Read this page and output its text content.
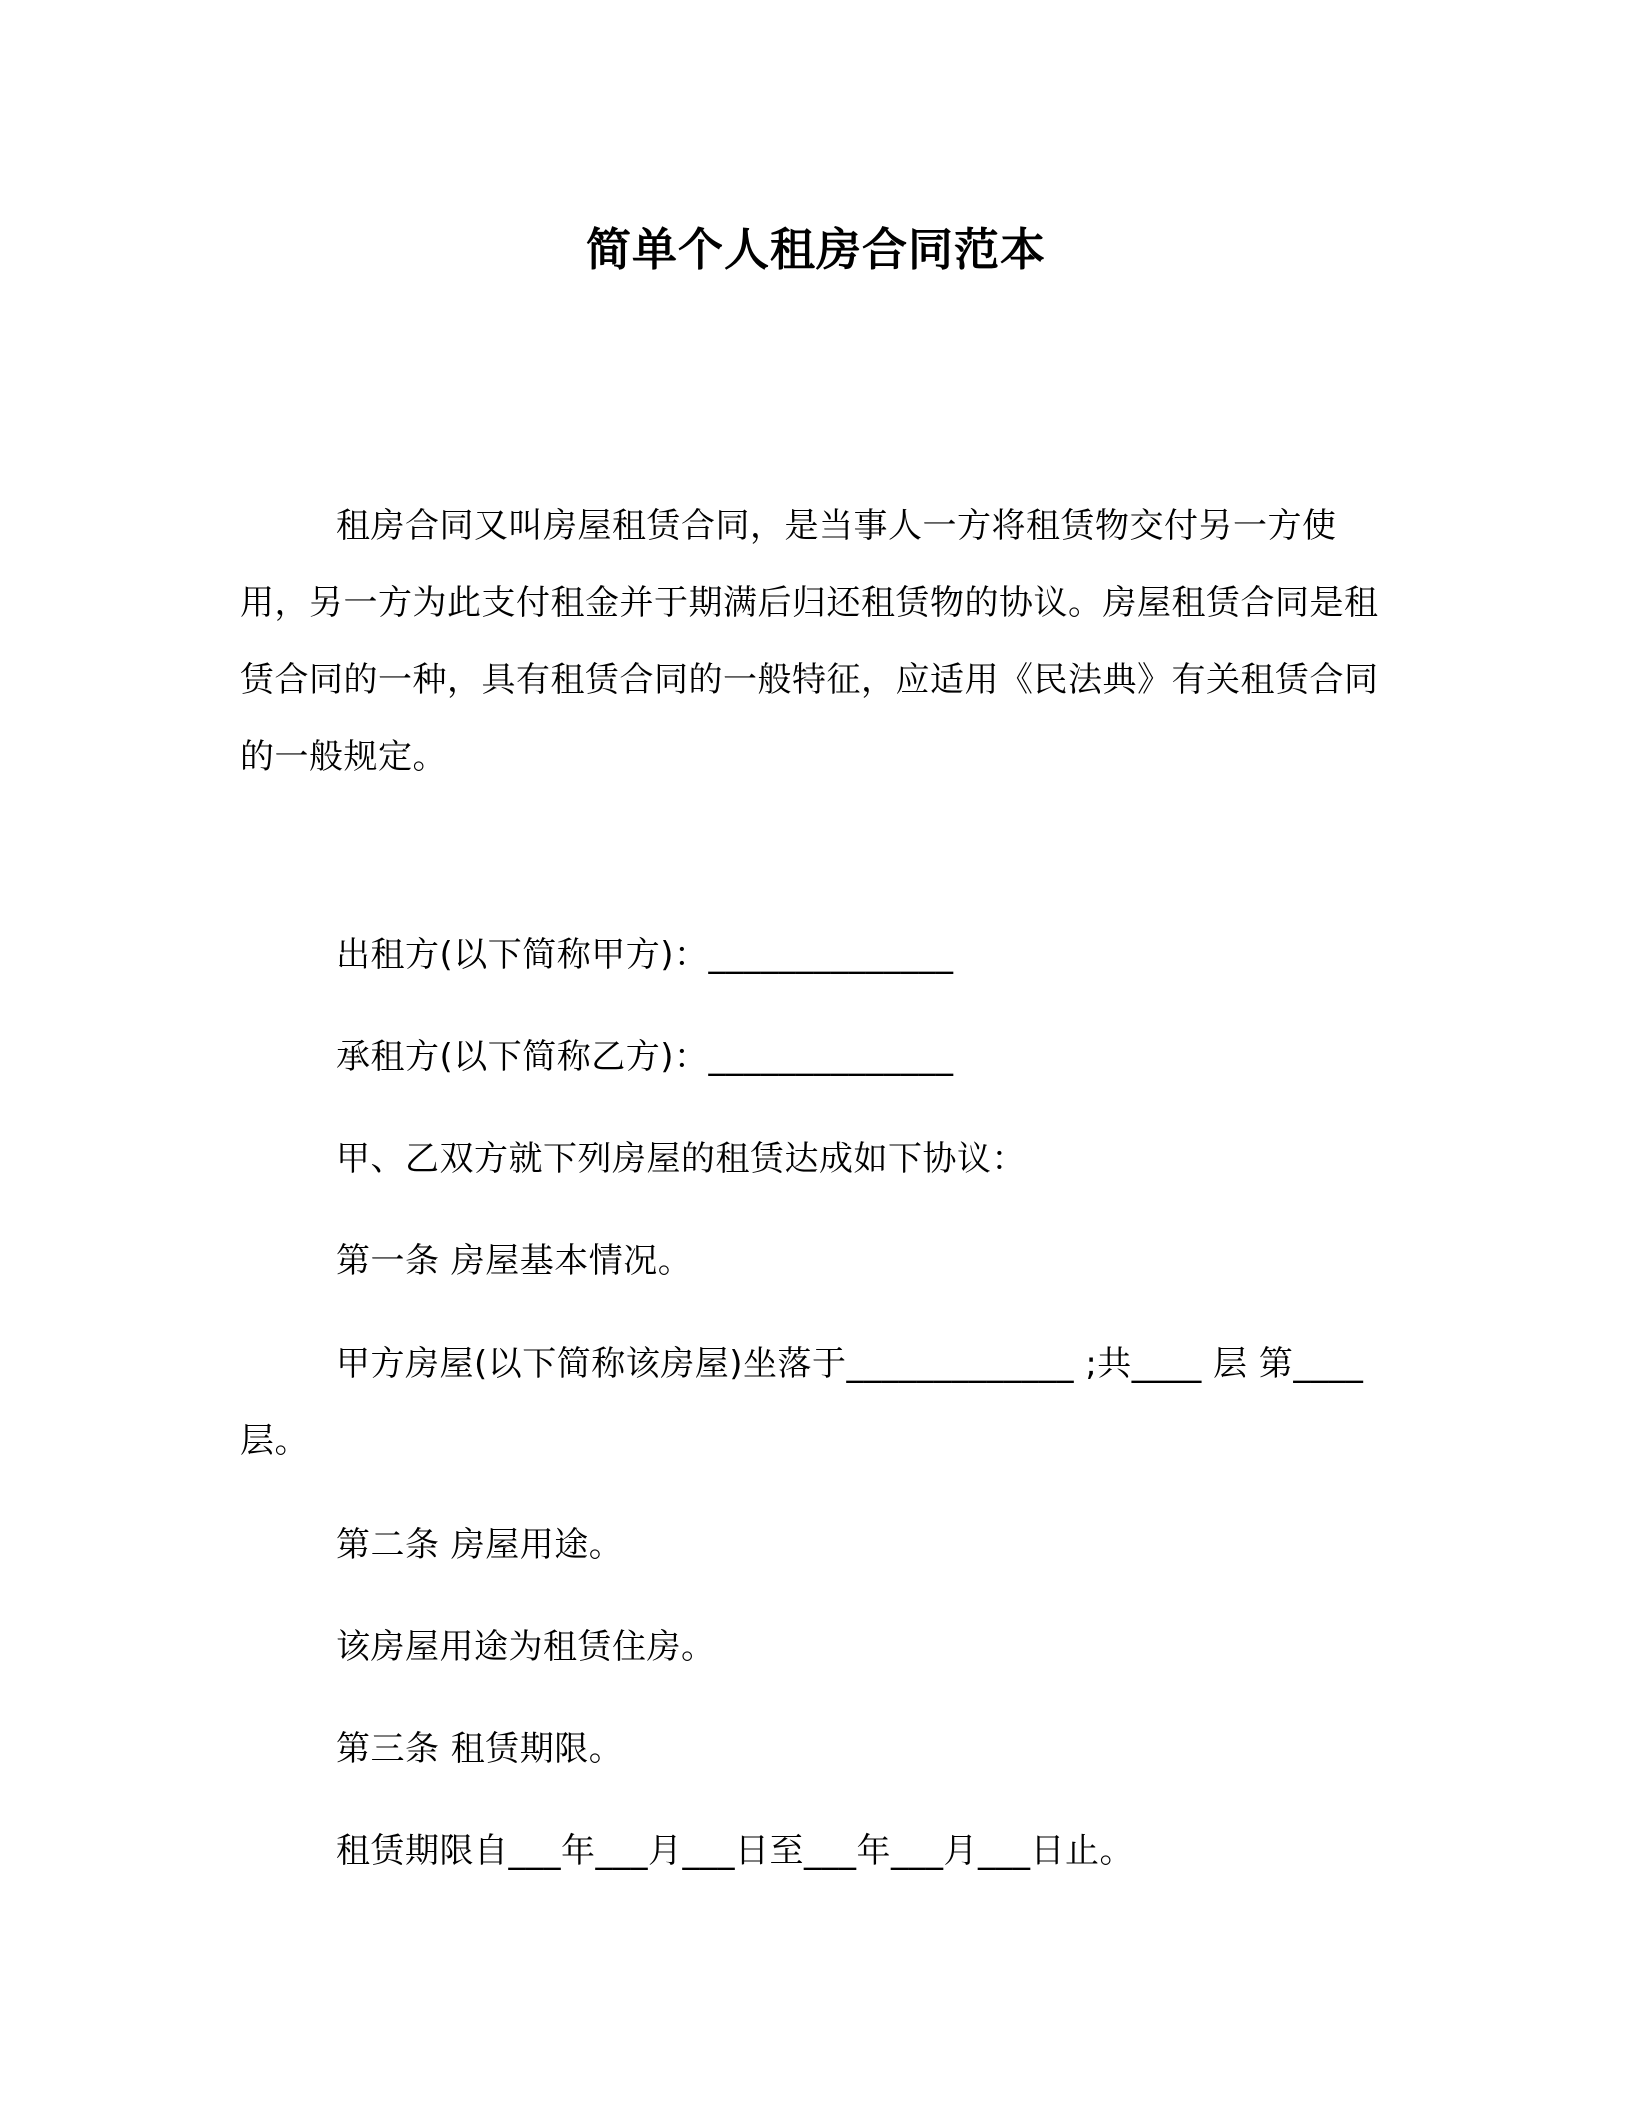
简单个人租房合同范本

租房合同又叫房屋租赁合同，是当事人一方将租赁物交付另一方使用，另一方为此支付租金并于期满后归还租赁物的协议。房屋租赁合同是租赁合同的一种，具有租赁合同的一般特征，应适用《民法典》有关租赁合同的一般规定。

出租方(以下简称甲方)：______________

承租方(以下简称乙方)：______________

甲、乙双方就下列房屋的租赁达成如下协议：

第一条 房屋基本情况。

甲方房屋(以下简称该房屋)坐落于_____________ ;共____ 层 第____层。

第二条 房屋用途。

该房屋用途为租赁住房。

第三条 租赁期限。

租赁期限自___年___月___日至___年___月___日止。
